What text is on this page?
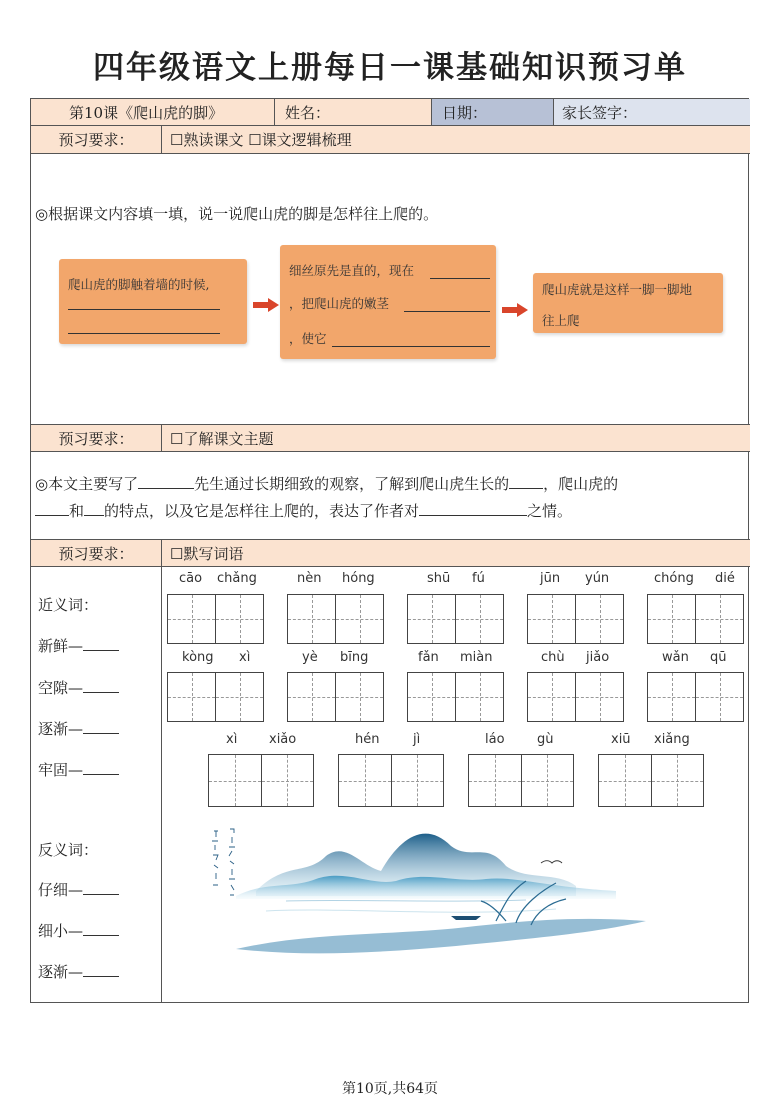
四年级语文上册每日一课基础知识预习单
第10课《爬山虎的脚》	姓名：	日期：	家长签字：
预习要求：	☐熟读课文 ☐课文逻辑梳理
◎根据课文内容填一填，说一说爬山虎的脚是怎样往上爬的。
爬山虎的脚触着墙的时候,
细丝原先是直的，现在
，把爬山虎的嫩茎
，使它
爬山虎就是这样一脚一脚地
往上爬
预习要求：	☐了解课文主题
◎本文主要写了	先生通过长期细致的观察，了解到爬山虎生长的 ，爬山虎的
和 的特点，以及它是怎样往上爬的，表达了作者对	之情。
预习要求：	☐默写词语
近义词：
新鲜—
空隙—
逐渐—
牢固—
反义词：
仔细—
细小—
逐渐—
cāo chǎng	nèn hóng	shū fú	jūn yún	chóng dié
kòng xì	yè bīng	fǎn miàn	chù jiǎo	wǎn qū
xì xiǎo	hén	jì	láo gù	xiū xiǎng
第10页,共64页
